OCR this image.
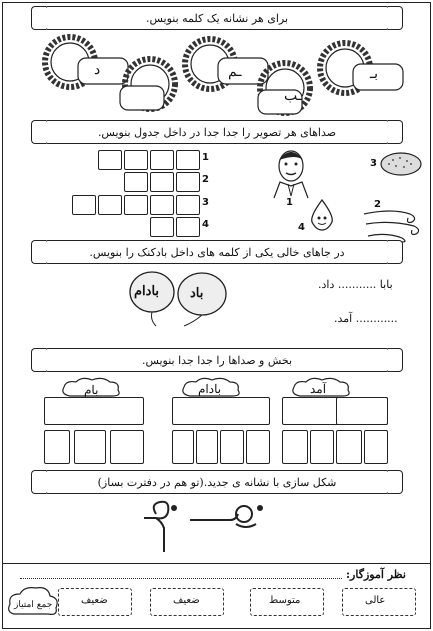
برای هر نشانه یک کلمه بنویس.
د	ـم	بـ
ـب
صداهای هر تصویر را جدا جدا در داخل جدول بنویس.
1
2
3
4
1
3
2
4
در جاهای خالی یکی از کلمه های داخل بادکنک را بنویس.
باد
بادام	بابا ........... داد.
............ آمد.
بخش و صداها را جدا جدا بنویس.
آمد
بادام
بام
شکل سازی با نشانه ی جدید.(تو هم در دفترت بساز)
نظر آموزگار:
عالی
متوسط
ضعیف
ضعیف
جمع امتیاز
